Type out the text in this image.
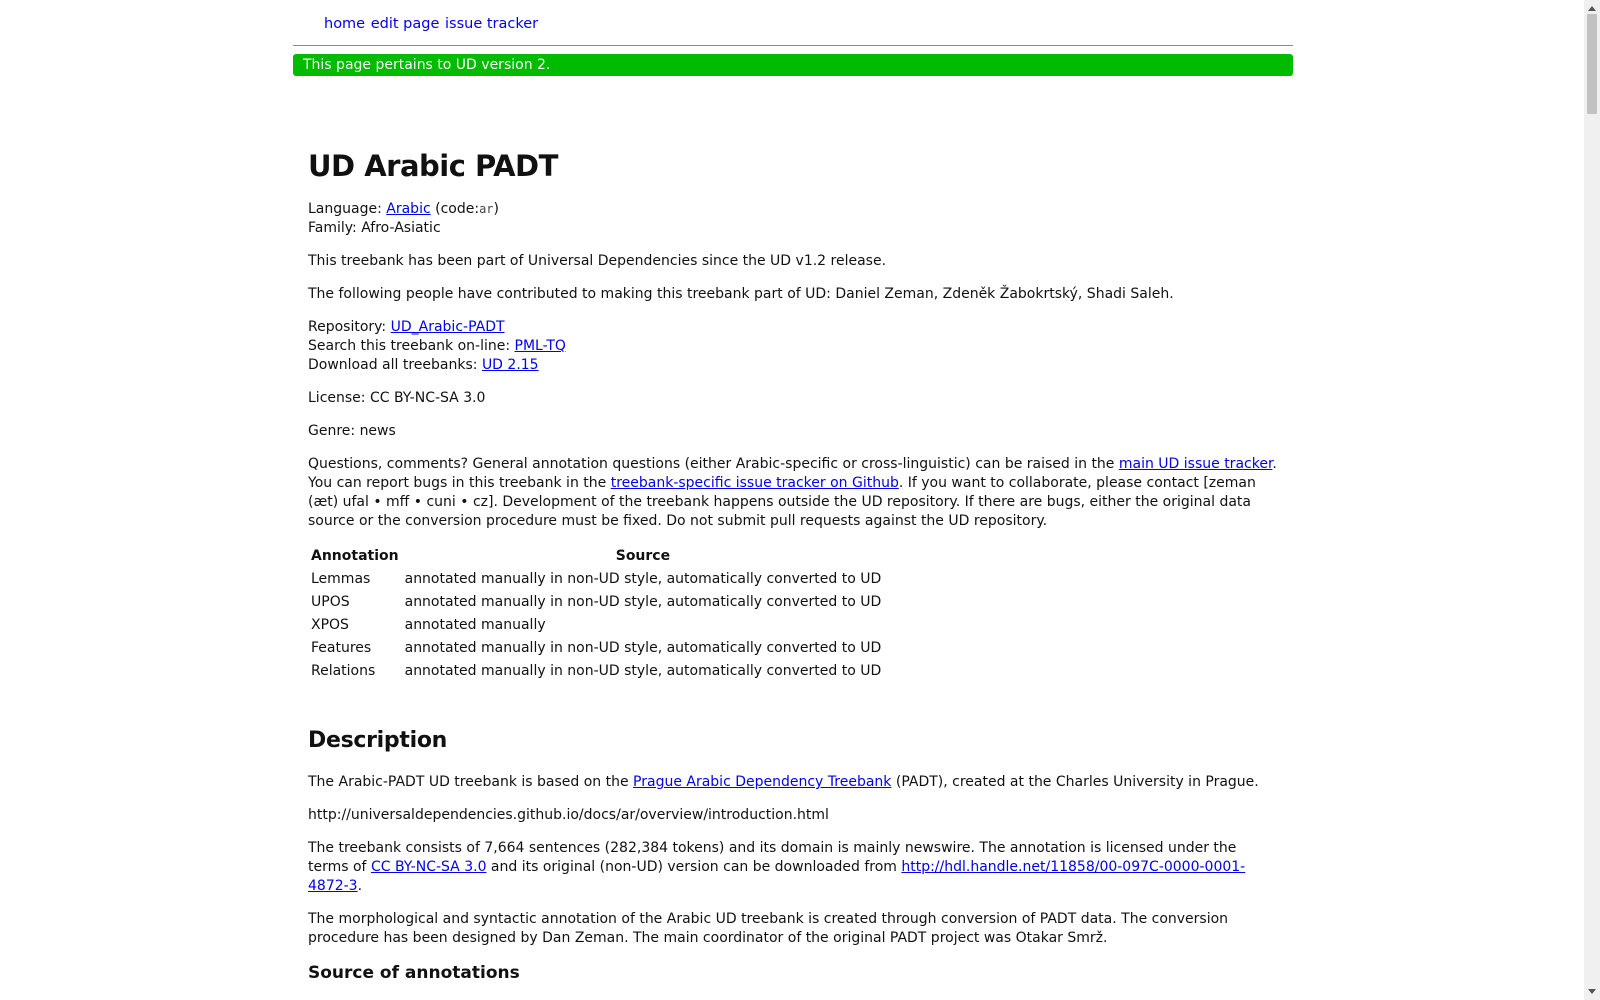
home edit page issue tracker
This page pertains to UD version 2.
UD Arabic PADT
Language: Arabic (code:ar)
Family: Afro-Asiatic

This treebank has been part of Universal Dependencies since the UD v1.2 release.

The following people have contributed to making this treebank part of UD: Daniel Zeman, Zdeněk Žabokrtský, Shadi Saleh.

Repository: UD_Arabic-PADT
Search this treebank on-line: PML-TQ
Download all treebanks: UD 2.15

License: CC BY-NC-SA 3.0

Genre: news

Questions, comments? General annotation questions (either Arabic-specific or cross-linguistic) can be raised in the main UD issue tracker. You can report bugs in this treebank in the treebank-specific issue tracker on Github. If you want to collaborate, please contact [zeman (æt) ufal • mff • cuni • cz]. Development of the treebank happens outside the UD repository. If there are bugs, either the original data source or the conversion procedure must be fixed. Do not submit pull requests against the UD repository.

Annotation	Source
Lemmas	annotated manually in non-UD style, automatically converted to UD
UPOS	annotated manually in non-UD style, automatically converted to UD
XPOS	annotated manually
Features	annotated manually in non-UD style, automatically converted to UD
Relations	annotated manually in non-UD style, automatically converted to UD
Description

The Arabic-PADT UD treebank is based on the Prague Arabic Dependency Treebank (PADT), created at the Charles University in Prague.

http://universaldependencies.github.io/docs/ar/overview/introduction.html

The treebank consists of 7,664 sentences (282,384 tokens) and its domain is mainly newswire. The annotation is licensed under the terms of CC BY-NC-SA 3.0 and its original (non-UD) version can be downloaded from http://hdl.handle.net/11858/00-097C-0000-0001-4872-3.

The morphological and syntactic annotation of the Arabic UD treebank is created through conversion of PADT data. The conversion procedure has been designed by Dan Zeman. The main coordinator of the original PADT project was Otakar Smrž.

Source of annotations
